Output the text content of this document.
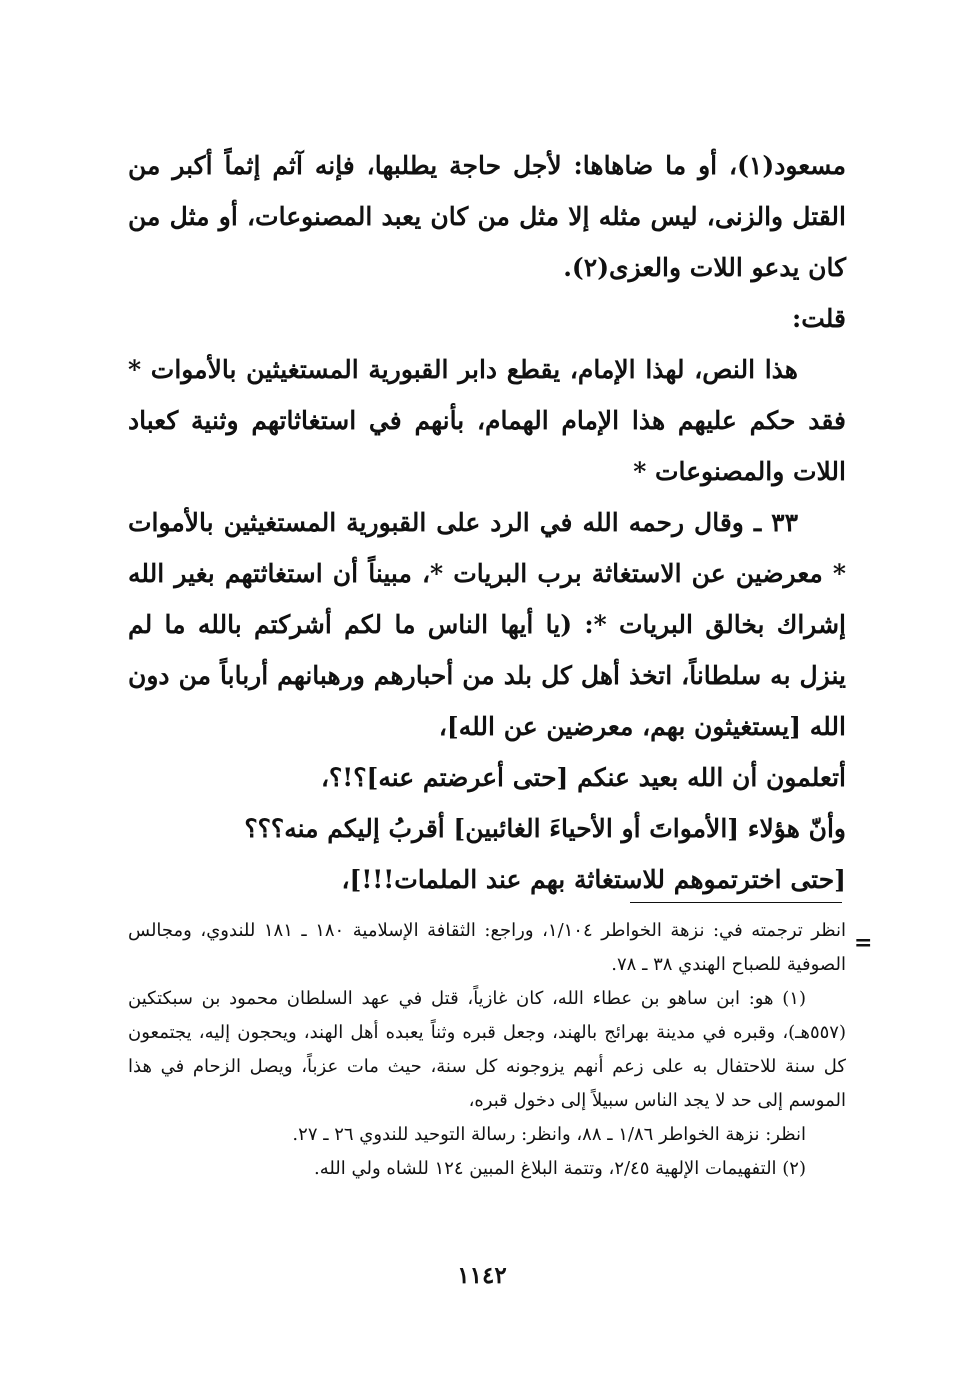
مسعود(١)، أو ما ضاهاها: لأجل حاجة يطلبها، فإنه آثم إثماً أكبر من القتل والزنى، ليس مثله إلا مثل من كان يعبد المصنوعات، أو مثل من كان يدعو اللات والعزى(٢).

قلت:

هذا النص، لهذا الإمام، يقطع دابر القبورية المستغيثين بالأموات * فقد حكم عليهم هذا الإمام الهمام، بأنهم في استغاثاتهم وثنية كعباد اللات والمصنوعات *

٣٣ ـ وقال رحمه الله في الرد على القبورية المستغيثين بالأموات * معرضين عن الاستغاثة برب البريات *، مبيناً أن استغاثتهم بغير الله إشراك بخالق البريات *: (يا أيها الناس ما لكم أشركتم بالله ما لم ينزل به سلطاناً، اتخذ أهل كل بلد من أحبارهم ورهبانهم أرباباً من دون الله [يستغيثون بهم، معرضين عن الله]،

أتعلمون أن الله بعيد عنكم [حتى أعرضتم عنه]؟!؟،

وأنّ هؤلاء [الأمواتَ أو الأحياءَ الغائبين] أقربُ إليكم منه؟؟؟

[حتى اخترتموهم للاستغاثة بهم عند الملمات!!!]،

=

انظر ترجمته في: نزهة الخواطر ١/١٠٤، وراجع: الثقافة الإسلامية ١٨٠ ـ ١٨١ للندوي، ومجالس الصوفية للصباح الهندي ٣٨ ـ ٧٨.

(١) هو: ابن ساهو بن عطاء الله، كان غازياً، قتل في عهد السلطان محمود بن سبكتكين (٥٥٧هـ)، وقبره في مدينة بهرائج بالهند، وجعل قبره وثناً يعبده أهل الهند، ويحجون إليه، يجتمعون كل سنة للاحتفال به على زعم أنهم يزوجونه كل سنة، حيث مات عزباً، ويصل الزحام في هذا الموسم إلى حد لا يجد الناس سبيلاً إلى دخول قبره،

انظر: نزهة الخواطر ١/٨٦ ـ ٨٨، وانظر: رسالة التوحيد للندوي ٢٦ ـ ٢٧.

(٢) التفهيمات الإلهية ٢/٤٥، وتتمة البلاغ المبين ١٢٤ للشاه ولي الله.

١١٤٢
